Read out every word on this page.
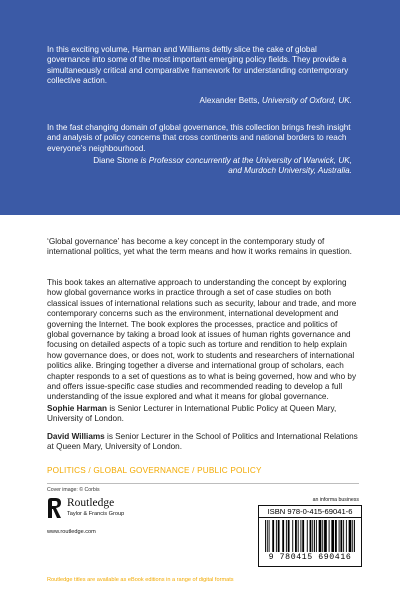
In this exciting volume, Harman and Williams deftly slice the cake of global governance into some of the most important emerging policy fields. They provide a simultaneously critical and comparative framework for understanding contemporary collective action.
Alexander Betts, University of Oxford, UK.
In the fast changing domain of global governance, this collection brings fresh insight and analysis of policy concerns that cross continents and national borders to reach everyone’s neighbourhood.
Diane Stone is Professor concurrently at the University of Warwick, UK,
and Murdoch University, Australia.
‘Global governance’ has become a key concept in the contemporary study of international politics, yet what the term means and how it works remains in question.
This book takes an alternative approach to understanding the concept by exploring how global governance works in practice through a set of case studies on both classical issues of international relations such as security, labour and trade, and more contemporary concerns such as the environment, international development and governing the Internet. The book explores the processes, practice and politics of global governance by taking a broad look at issues of human rights governance and focusing on detailed aspects of a topic such as torture and rendition to help explain how governance does, or does not, work to students and researchers of international politics alike. Bringing together a diverse and international group of scholars, each chapter responds to a set of questions as to what is being governed, how and who by and offers issue-specific case studies and recommended reading to develop a full understanding of the issue explored and what it means for global governance.
Sophie Harman is Senior Lecturer in International Public Policy at Queen Mary, University of London.
David Williams is Senior Lecturer in the School of Politics and International Relations at Queen Mary, University of London.
POLITICS / GLOBAL GOVERNANCE / PUBLIC POLICY
Cover image: © Corbis
Routledge
Taylor & Francis Group
www.routledge.com
an informa business
ISBN 978-0-415-69041-6
9 780415 690416
Routledge titles are available as eBook editions in a range of digital formats
